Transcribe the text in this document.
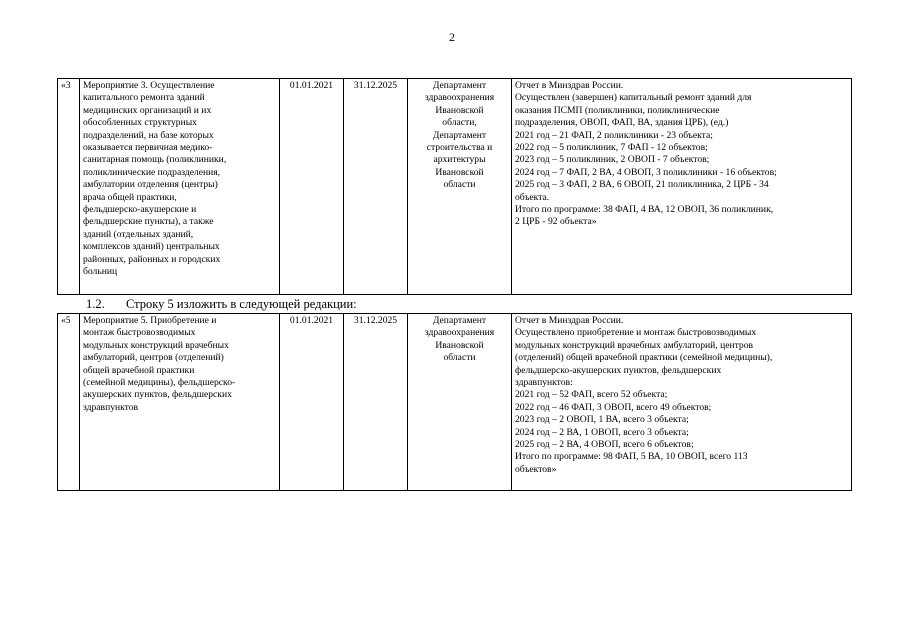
2
«3	Мероприятие 3. Осуществление
капитального ремонта зданий
медицинских организаций и их
обособленных структурных
подразделений, на базе которых
оказывается первичная медико-
санитарная помощь (поликлиники,
поликлинические подразделения,
амбулатории отделения (центры)
врача общей практики,
фельдшерско-акушерские и
фельдшерские пункты), а также
зданий (отдельных зданий,
комплексов зданий) центральных
районных, районных и городских
больниц
	01.01.2021	31.12.2025	Департамент
здравоохранения
Ивановской
области,
Департамент
строительства и
архитектуры
Ивановской
области

Отчет в Минздрав России.
Осуществлен (завершен) капитальный ремонт зданий для
оказания ПСМП (поликлиники, поликлинические
подразделения, ОВОП, ФАП, ВА, здания ЦРБ), (ед.)
2021 год – 21 ФАП, 2 поликлиники - 23 объекта;
2022 год – 5 поликлиник, 7 ФАП - 12 объектов;
2023 год – 5 поликлиник, 2 ОВОП - 7 объектов;
2024 год – 7 ФАП, 2 ВА, 4 ОВОП, 3 поликлиники - 16 объектов;
2025 год – 3 ФАП, 2 ВА, 6 ОВОП, 21 поликлиника, 2 ЦРБ - 34
объекта.
Итого по программе: 38 ФАП, 4 ВА, 12 ОВОП, 36 поликлиник,
2 ЦРБ - 92 объекта»
1.2. Строку 5 изложить в следующей редакции:
«5	Мероприятие 5. Приобретение и
монтаж быстровозводимых
модульных конструкций врачебных
амбулаторий, центров (отделений)
общей врачебной практики
(семейной медицины), фельдшерско-
акушерских пунктов, фельдшерских
здравпунктов
	01.01.2021	31.12.2025	Департамент
здравоохранения
Ивановской
области

Отчет в Минздрав России.
Осуществлено приобретение и монтаж быстровозводимых
модульных конструкций врачебных амбулаторий, центров
(отделений) общей врачебной практики (семейной медицины),
фельдшерско-акушерских пунктов, фельдшерских
здравпунктов:
2021 год – 52 ФАП, всего 52 объекта;
2022 год – 46 ФАП, 3 ОВОП, всего 49 объектов;
2023 год – 2 ОВОП, 1 ВА, всего 3 объекта;
2024 год – 2 ВА, 1 ОВОП, всего 3 объекта;
2025 год – 2 ВА, 4 ОВОП, всего 6 объектов;
Итого по программе: 98 ФАП, 5 ВА, 10 ОВОП, всего 113
объектов»
